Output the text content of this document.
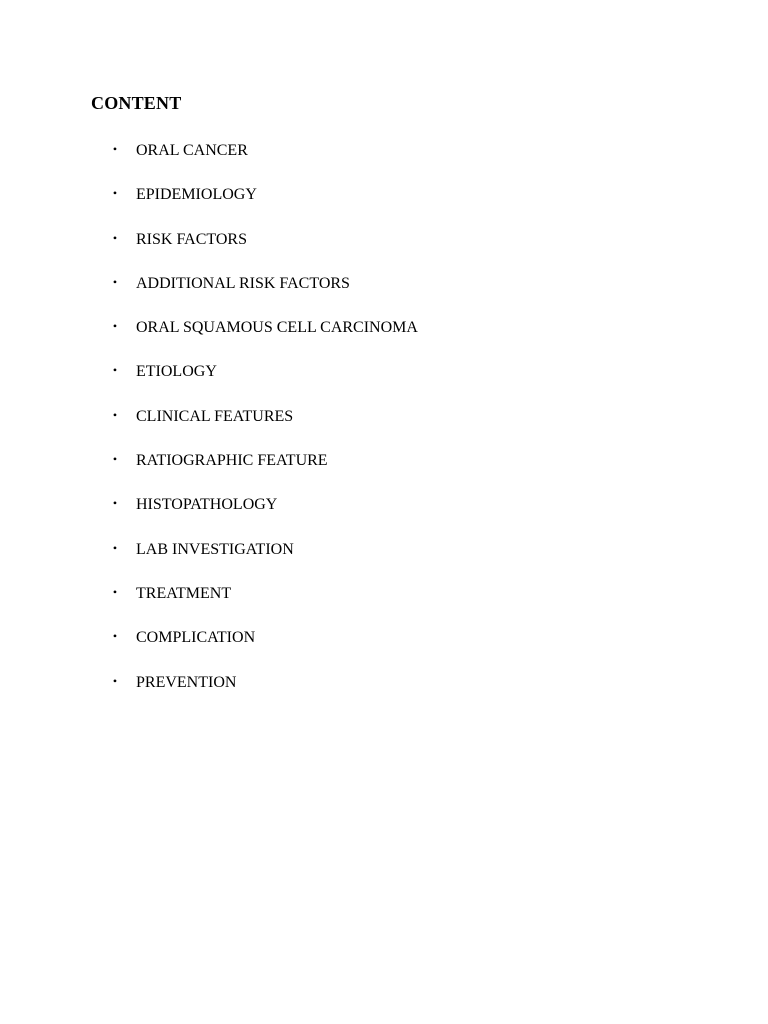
CONTENT
• ORAL CANCER
• EPIDEMIOLOGY
• RISK FACTORS
• ADDITIONAL RISK FACTORS
• ORAL SQUAMOUS CELL CARCINOMA
• ETIOLOGY
• CLINICAL FEATURES
• RATIOGRAPHIC FEATURE
• HISTOPATHOLOGY
• LAB INVESTIGATION
• TREATMENT
• COMPLICATION
• PREVENTION
